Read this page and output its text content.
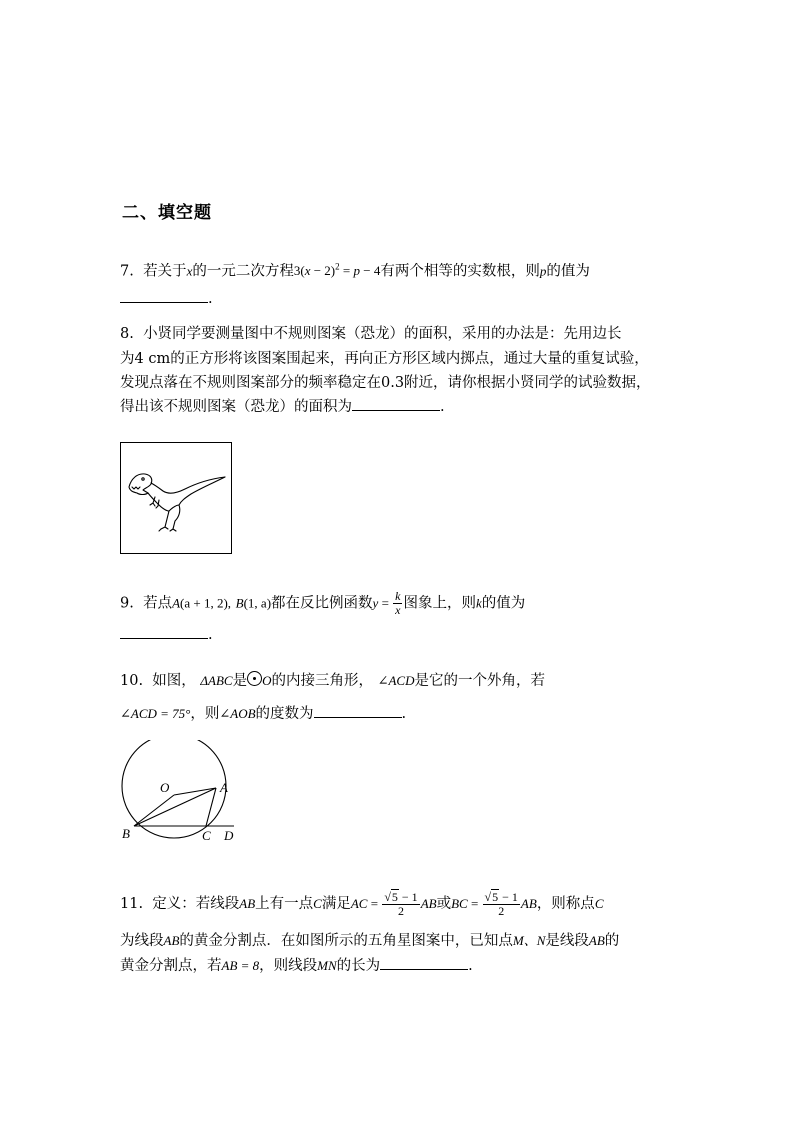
二、填空题
7. 若关于x的一元二次方程$3(x - 2)^2 = p - 4$有两个相等的实数根，则p的值为
.
8. 小贤同学要测量图中不规则图案（恐龙）的面积，采用的办法是：先用边长
为4 cm的正方形将该图案围起来，再向正方形区域内掷点，通过大量的重复试验，
发现点落在不规则图案部分的频率稳定在0.3附近，请你根据小贤同学的试验数据，
得出该不规则图案（恐龙）的面积为	.
9. 若点A(a + 1, 2), B(1, a)都在反比例函数$y = \frac{k}{x}$ 图象上，则k的值为
.
10. 如图， ΔABC是 O的内接三角形， ∠ACD是它的一个外角，若
∠ACD = 75°，则∠AOB的度数为	.
O	A
B	C D
11. 定义：若线段AB上有一点C满足AC = $\frac{√5 - 1}{2}$ AB或BC = $\frac{√5 - 1}{2}$ AB，则称点C
为线段AB的黄金分割点．在如图所示的五角星图案中，已知点M、N是线段AB的
黄金分割点，若AB = 8，则线段MN的长为	.
